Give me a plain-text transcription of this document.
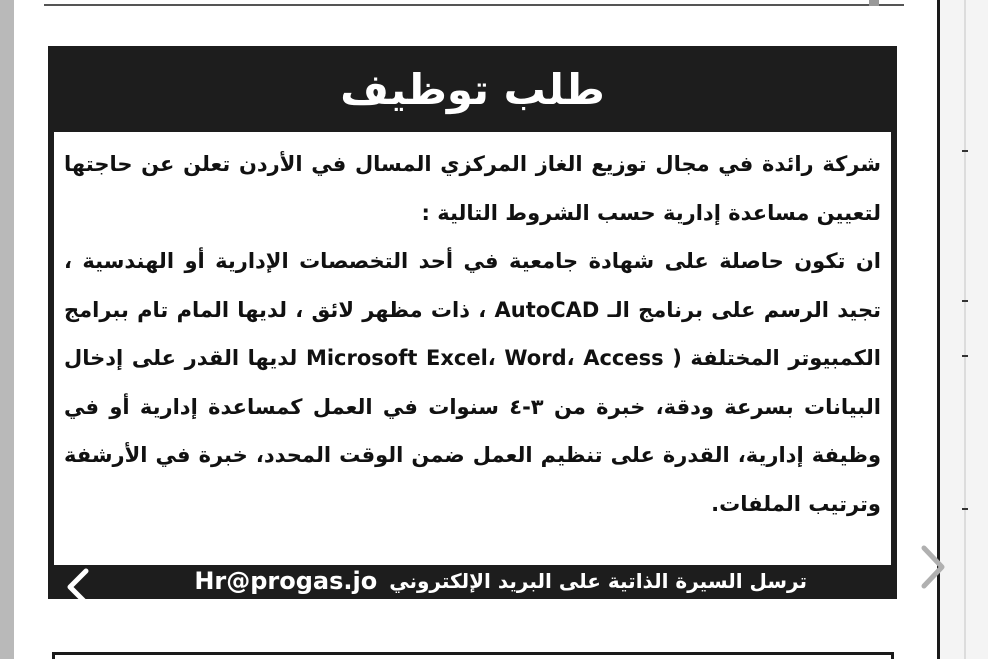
طلب توظيف

شركة رائدة في مجال توزيع الغاز المركزي المسال في الأردن تعلن عن حاجتها لتعيين مساعدة إدارية حسب الشروط التالية :

ان تكون حاصلة على شهادة جامعية في أحد التخصصات الإدارية أو الهندسية ، تجيد الرسم على برنامج الـ AutoCAD ، ذات مظهر لائق ، لديها المام تام ببرامج الكمبيوتر المختلفة ( Microsoft Excel، Word، Access لديها القدر على إدخال البيانات بسرعة ودقة، خبرة من ٣-٤ سنوات في العمل كمساعدة إدارية أو في وظيفة إدارية، القدرة على تنظيم العمل ضمن الوقت المحدد، خبرة في الأرشفة وترتيب الملفات.

ترسل السيرة الذاتية على البريد الإلكتروني
Hr@progas.jo
